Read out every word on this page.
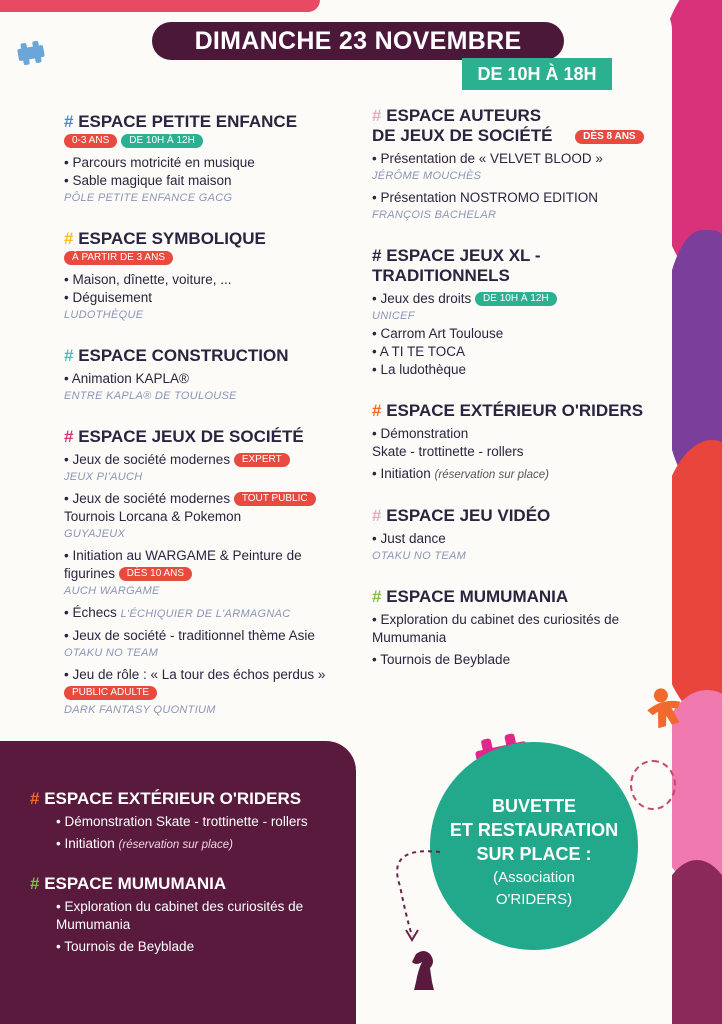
DIMANCHE 23 NOVEMBRE
DE 10H À 18H
# ESPACE PETITE ENFANCE
0-3 ANS DE 10H À 12H
• Parcours motricité en musique
• Sable magique fait maison
PÔLE PETITE ENFANCE GACG
# ESPACE SYMBOLIQUE
À PARTIR DE 3 ANS
• Maison, dînette, voiture, ...
• Déguisement
LUDOTHÈQUE
# ESPACE CONSTRUCTION
• Animation KAPLA®
ENTRE KAPLA® DE TOULOUSE
# ESPACE JEUX DE SOCIÉTÉ
• Jeux de société modernes EXPERT
JEUX PI'AUCH
• Jeux de société modernes TOUT PUBLIC
Tournois Lorcana & Pokemon
GUYAJEUX
• Initiation au WARGAME & Peinture de
figurines DÈS 10 ANS
AUCH WARGAME
• Échecs L'ÉCHIQUIER DE L'ARMAGNAC
• Jeux de société - traditionnel thème Asie
OTAKU NO TEAM
• Jeu de rôle : « La tour des échos perdus »
PUBLIC ADULTE
DARK FANTASY QUONTIUM
# ESPACE AUTEURS
DE JEUX DE SOCIÉTÉ	DÈS 8 ANS
• Présentation de « VELVET BLOOD »
JÉRÔME MOUCHÈS
• Présentation NOSTROMO EDITION
FRANÇOIS BACHELAR
# ESPACE JEUX XL -
TRADITIONNELS
• Jeux des droits DE 10H À 12H
UNICEF
• Carrom Art Toulouse
• A TI TE TOCA
• La ludothèque
# ESPACE EXTÉRIEUR O'RIDERS
• Démonstration
Skate - trottinette - rollers
• Initiation (réservation sur place)
# ESPACE JEU VIDÉO
• Just dance
OTAKU NO TEAM
# ESPACE MUMUMANIA
• Exploration du cabinet des curiosités de
Mumumania
• Tournois de Beyblade
BUVETTE
ET RESTAURATION
SUR PLACE :
(Association
O'RIDERS)
# ESPACE EXTÉRIEUR O'RIDERS
• Démonstration Skate - trottinette - rollers
• Initiation (réservation sur place)
# ESPACE MUMUMANIA
• Exploration du cabinet des curiosités de
Mumumania
• Tournois de Beyblade
